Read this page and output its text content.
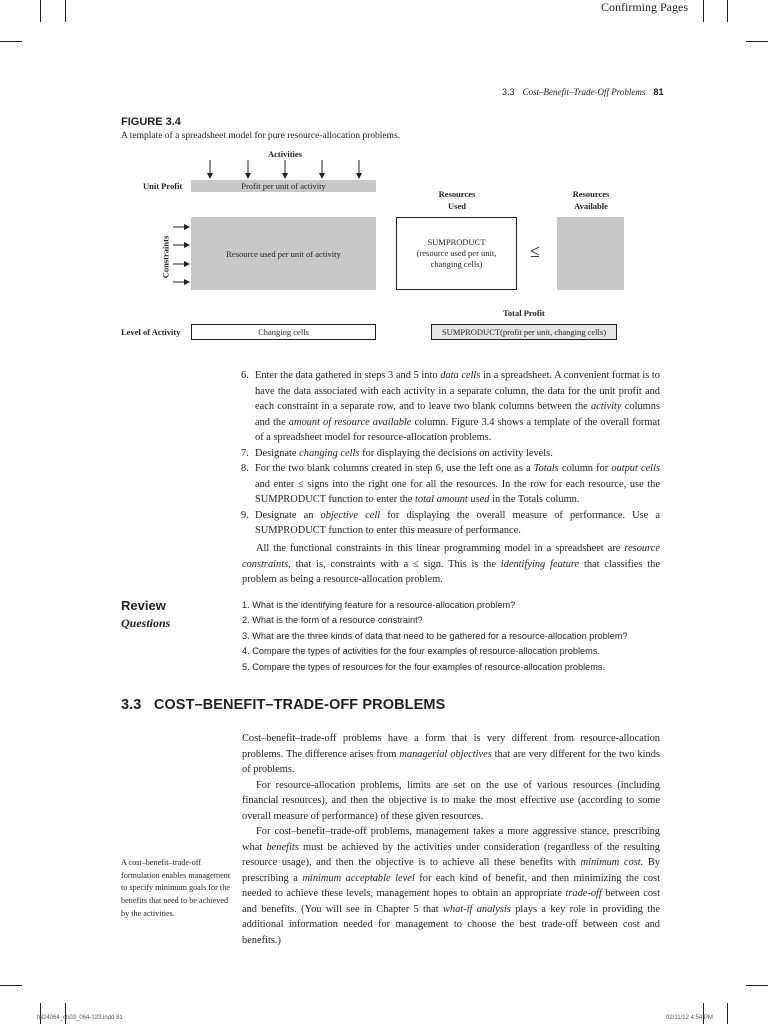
Confirming Pages
3.3 Cost–Benefit–Trade-Off Problems 81
FIGURE 3.4
A template of a spreadsheet model for pure resource-allocation problems.
Activities
Unit Profit	Profit per unit of activity
Resources
Used
Resources
Available
Constraints	Resource used per unit of activity
SUMPRODUCT
(resource used per unit,
changing cells)
≤
Total Profit
Level of Activity	Changing cells	SUMPRODUCT(profit per unit, changing cells)
6. Enter the data gathered in steps 3 and 5 into data cells in a spreadsheet. A convenient format is to have the data associated with each activity in a separate column, the data for the unit profit and each constraint in a separate row, and to leave two blank columns between the activity columns and the amount of resource available column. Figure 3.4 shows a template of the overall format of a spreadsheet model for resource-allocation problems.
7. Designate changing cells for displaying the decisions on activity levels.
8. For the two blank columns created in step 6, use the left one as a Totals column for output cells and enter ≤ signs into the right one for all the resources. In the row for each resource, use the SUMPRODUCT function to enter the total amount used in the Totals column.
9. Designate an objective cell for displaying the overall measure of performance. Use a SUMPRODUCT function to enter this measure of performance.

All the functional constraints in this linear programming model in a spreadsheet are resource constraints, that is, constraints with a ≤ sign. This is the identifying feature that classifies the problem as being a resource-allocation problem.

Review
Questions
1. What is the identifying feature for a resource-allocation problem?
2. What is the form of a resource constraint?
3. What are the three kinds of data that need to be gathered for a resource-allocation problem?
4. Compare the types of activities for the four examples of resource-allocation problems.
5. Compare the types of resources for the four examples of resource-allocation problems.
3.3   COST–BENEFIT–TRADE-OFF PROBLEMS

Cost–benefit–trade-off problems have a form that is very different from resource-allocation problems. The difference arises from managerial objectives that are very different for the two kinds of problems.

For resource-allocation problems, limits are set on the use of various resources (including financial resources), and then the objective is to make the most effective use (according to some overall measure of performance) of these given resources.

For cost–benefit–trade-off problems, management takes a more aggressive stance, prescribing what benefits must be achieved by the activities under consideration (regardless of the resulting resource usage), and then the objective is to achieve all these benefits with minimum cost. By prescribing a minimum acceptable level for each kind of benefit, and then minimizing the cost needed to achieve these levels, management hopes to obtain an appropriate trade-off between cost and benefits. (You will see in Chapter 5 that what-if analysis plays a key role in providing the additional information needed for management to choose the best trade-off between cost and benefits.)

A cost–benefit–trade-off formulation enables management to specify minimum goals for the benefits that need to be achieved by the activities.
hil24064_ch03_064-123.indd 81	02/11/12 4:54 PM
